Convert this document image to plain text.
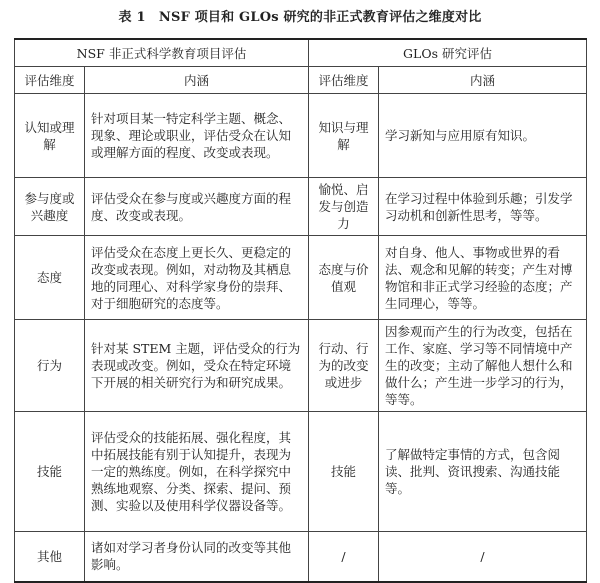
表 1　NSF 项目和 GLOs 研究的非正式教育评估之维度对比
NSF 非正式科学教育项目评估		GLOs 研究评估	
评估维度	内涵	评估维度	内涵
认知或理解	针对项目某一特定科学主题、概念、现象、理论或职业，评估受众在认知或理解方面的程度、改变或表现。	知识与理解	学习新知与应用原有知识。
参与度或兴趣度	评估受众在参与度或兴趣度方面的程度、改变或表现。	愉悦、启发与创造力	在学习过程中体验到乐趣；引发学习动机和创新性思考，等等。
态度	评估受众在态度上更长久、更稳定的改变或表现。例如，对动物及其栖息地的同理心、对科学家身份的崇拜、对于细胞研究的态度等。	态度与价值观	对自身、他人、事物或世界的看法、观念和见解的转变；产生对博物馆和非正式学习经验的态度；产生同理心，等等。
行为	针对某 STEM 主题，评估受众的行为表现或改变。例如，受众在特定环境下开展的相关研究行为和研究成果。	行动、行为的改变或进步	因参观而产生的行为改变，包括在工作、家庭、学习等不同情境中产生的改变；主动了解他人想什么和做什么；产生进一步学习的行为，等等。
技能	评估受众的技能拓展、强化程度，其中拓展技能有别于认知提升，表现为一定的熟练度。例如，在科学探究中熟练地观察、分类、探索、提问、预测、实验以及使用科学仪器设备等。	技能	了解做特定事情的方式，包含阅读、批判、资讯搜索、沟通技能等。
其他	诸如对学习者身份认同的改变等其他影响。	/	/
